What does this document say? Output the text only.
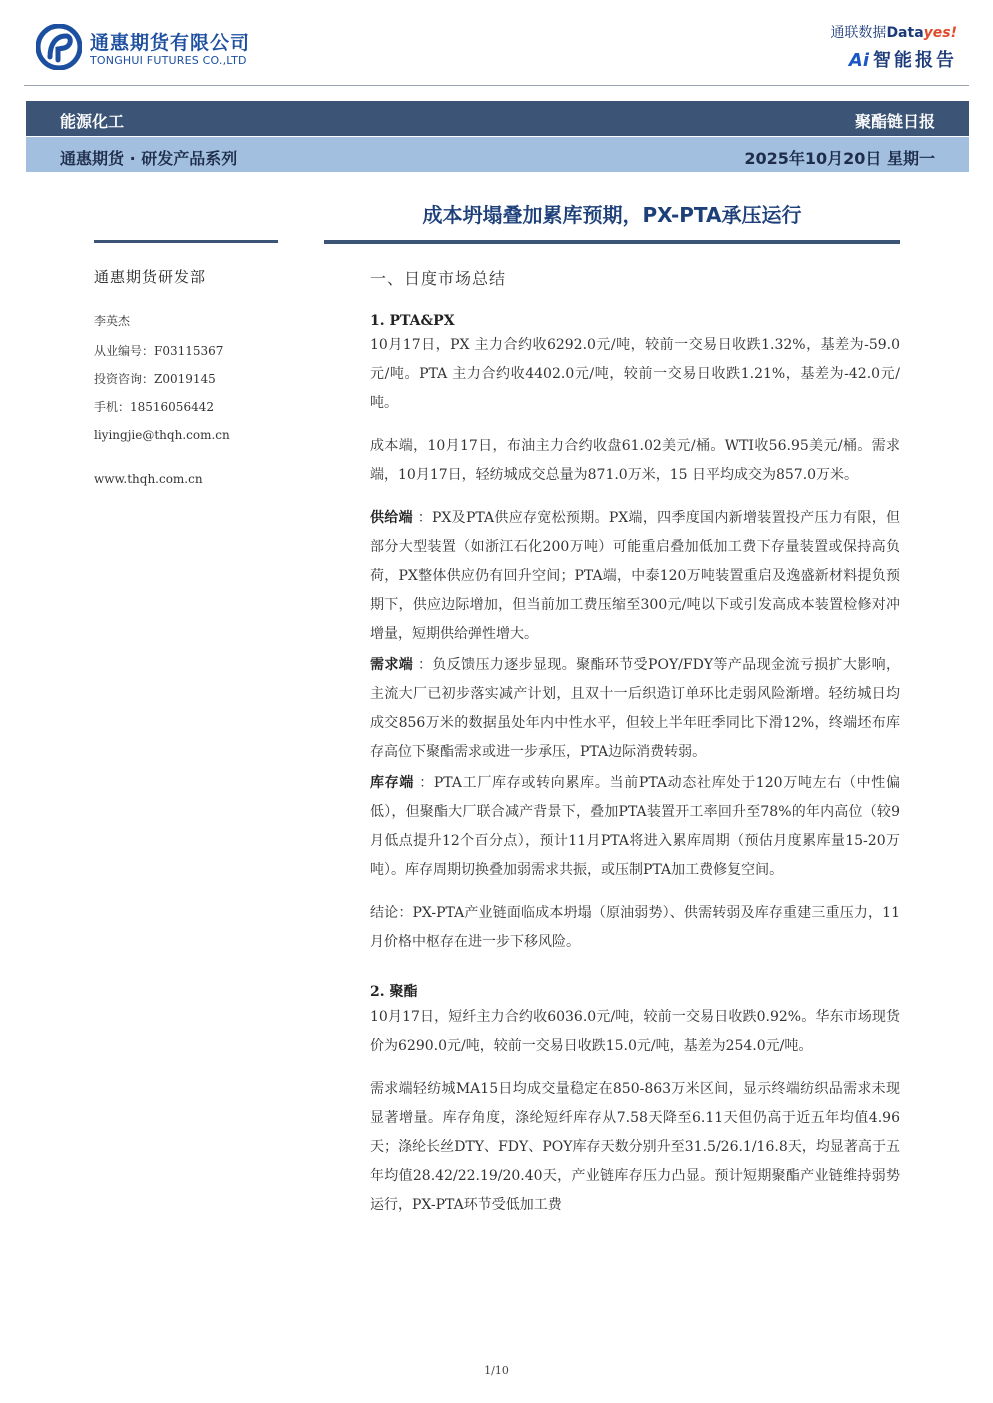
通惠期货有限公司
TONGHUI FUTURES CO.,LTD
通联数据Datayes!
Ai 智能报告
能源化工	聚酯链日报
通惠期货 · 研发产品系列	2025年10月20日 星期一
成本坍塌叠加累库预期，PX-PTA承压运行
通惠期货研发部
李英杰
从业编号：F03115367
投资咨询：Z0019145
手机：18516056442
liyingjie@thqh.com.cn
www.thqh.com.cn
一、日度市场总结
1. PTA&PX

10月17日，PX 主力合约收6292.0元/吨，较前一交易日收跌1.32%，基差为-59.0元/吨。PTA 主力合约收4402.0元/吨，较前一交易日收跌1.21%，基差为-42.0元/吨。

成本端，10月17日，布油主力合约收盘61.02美元/桶。WTI收56.95美元/桶。需求端，10月17日，轻纺城成交总量为871.0万米，15 日平均成交为857.0万米。

供给端 ：PX及PTA供应存宽松预期。PX端，四季度国内新增装置投产压力有限，但部分大型装置（如浙江石化200万吨）可能重启叠加低加工费下存量装置或保持高负荷，PX整体供应仍有回升空间；PTA端，中泰120万吨装置重启及逸盛新材料提负预期下，供应边际增加，但当前加工费压缩至300元/吨以下或引发高成本装置检修对冲增量，短期供给弹性增大。

需求端 ：负反馈压力逐步显现。聚酯环节受POY/FDY等产品现金流亏损扩大影响，主流大厂已初步落实减产计划，且双十一后织造订单环比走弱风险渐增。轻纺城日均成交856万米的数据虽处年内中性水平，但较上半年旺季同比下滑12%，终端坯布库存高位下聚酯需求或进一步承压，PTA边际消费转弱。

库存端 ：PTA工厂库存或转向累库。当前PTA动态社库处于120万吨左右（中性偏低），但聚酯大厂联合减产背景下，叠加PTA装置开工率回升至78%的年内高位（较9月低点提升12个百分点），预计11月PTA将进入累库周期（预估月度累库量15-20万吨）。库存周期切换叠加弱需求共振，或压制PTA加工费修复空间。

结论：PX-PTA产业链面临成本坍塌（原油弱势）、供需转弱及库存重建三重压力，11月价格中枢存在进一步下移风险。

2. 聚酯

10月17日，短纤主力合约收6036.0元/吨，较前一交易日收跌0.92%。华东市场现货价为6290.0元/吨，较前一交易日收跌15.0元/吨，基差为254.0元/吨。

需求端轻纺城MA15日均成交量稳定在850-863万米区间，显示终端纺织品需求未现显著增量。库存角度，涤纶短纤库存从7.58天降至6.11天但仍高于近五年均值4.96天；涤纶长丝DTY、FDY、POY库存天数分别升至31.5/26.1/16.8天，均显著高于五年均值28.42/22.19/20.40天，产业链库存压力凸显。预计短期聚酯产业链维持弱势运行，PX-PTA环节受低加工费

1/10
